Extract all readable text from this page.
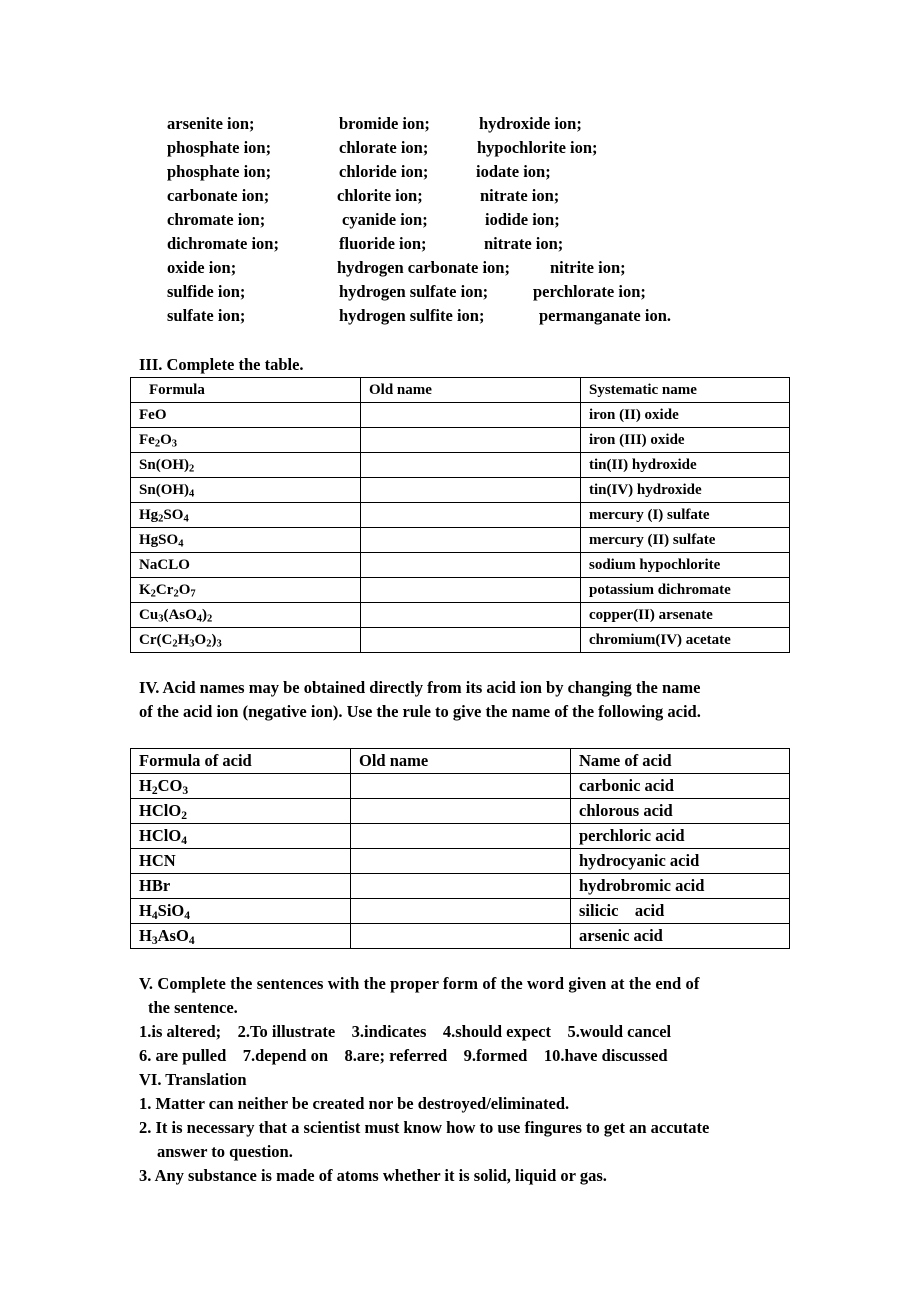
arsenite ion;	bromide ion;	hydroxide ion;
phosphate ion;	chlorate ion;	hypochlorite ion;
phosphate ion;	chloride ion;	iodate ion;
carbonate ion;	chlorite ion;	nitrate ion;
chromate ion;	cyanide ion;	iodide ion;
dichromate ion;	fluoride ion;	nitrate ion;
oxide ion;	hydrogen carbonate ion; nitrite ion;
sulfide ion;	hydrogen sulfate ion;	perchlorate ion;
sulfate ion;	hydrogen sulfite ion;	permanganate ion.
III. Complete the table.
Formula	Old name	Systematic name
FeO		iron (II) oxide
$Fe_2O_3$		iron (III) oxide
$Sn(OH)_2$		tin(II) hydroxide
$Sn(OH)_4$		tin(IV) hydroxide
$Hg_2SO_4$		mercury (I) sulfate
HgSO$_4$		mercury (II) sulfate
NaCLO		sodium hypochlorite
$K_2Cr_2O_7$		potassium dichromate
$Cu_3(AsO_4)_2$		copper(II) arsenate
$Cr(C_2H_3O_2)_3$		chromium(IV) acetate
IV. Acid names may be obtained directly from its acid ion by changing the name
of the acid ion (negative ion). Use the rule to give the name of the following acid.
Formula of acid	Old name	Name of acid
$H_2CO_3$		carbonic acid
HClO$_2$		chlorous acid
HClO$_4$		perchloric acid
HCN		hydrocyanic acid
HBr		hydrobromic acid
$H_4SiO_4$		silicic    acid
$H_3AsO_4$		arsenic acid
V. Complete the sentences with the proper form of the word given at the end of
the sentence.
1.is altered;    2.To illustrate    3.indicates    4.should expect    5.would cancel
6. are pulled    7.depend on    8.are; referred    9.formed    10.have discussed
VI. Translation
1. Matter can neither be created nor be destroyed/eliminated.
2. It is necessary that a scientist must know how to use fingures to get an accutate
answer to question.
3. Any substance is made of atoms whether it is solid, liquid or gas.
